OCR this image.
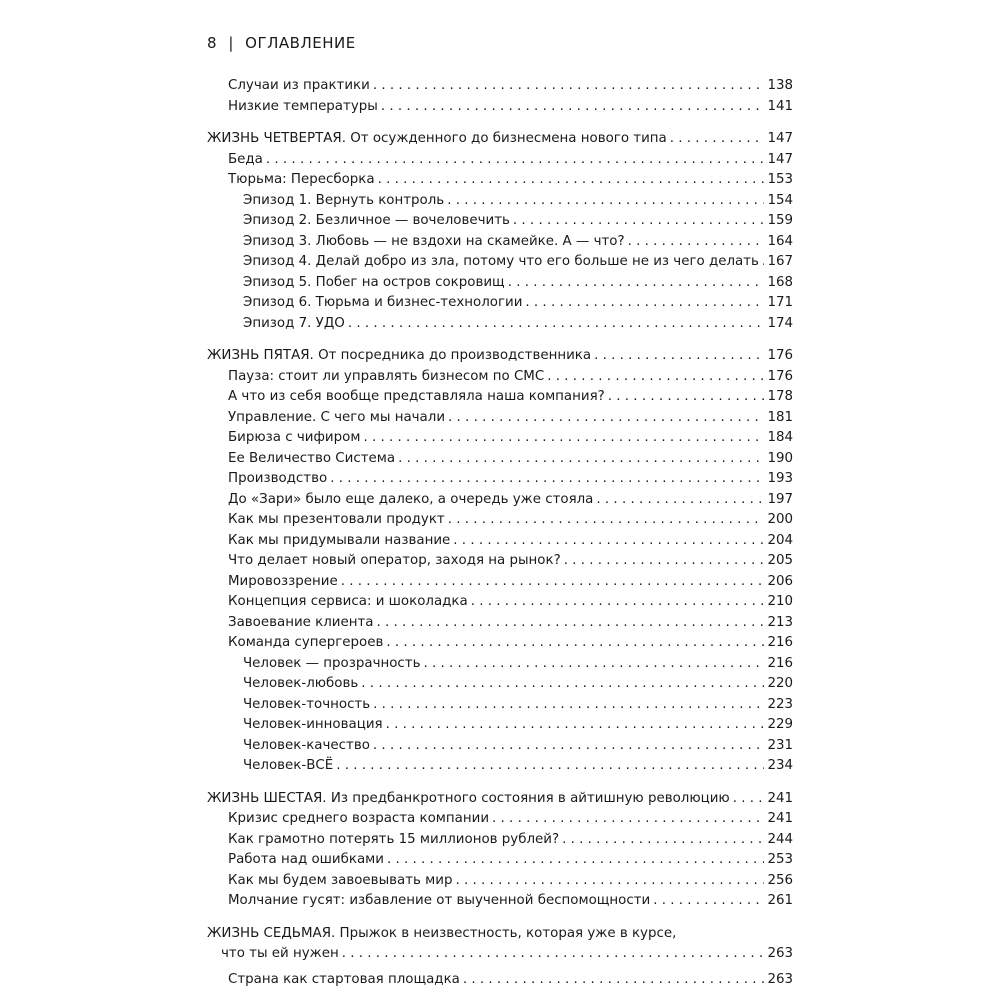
8 | ОГЛАВЛЕНИЕ
Случаи из практики . . .	138
Низкие температуры . . .	141
ЖИЗНЬ ЧЕТВЕРТАЯ. От осужденного до бизнесмена нового типа . . .	147
Беда . . .	147
Тюрьма: Пересборка . . .	153
Эпизод 1. Вернуть контроль . . .	154
Эпизод 2. Безличное — вочеловечить . . .	159
Эпизод 3. Любовь — не вздохи на скамейке. А — что? . . .	164
Эпизод 4. Делай добро из зла, потому что его больше не из чего делать . . . 167
Эпизод 5. Побег на остров сокровищ . . .	168
Эпизод 6. Тюрьма и бизнес-технологии . . .	171
Эпизод 7. УДО . . .	174
ЖИЗНЬ ПЯТАЯ. От посредника до производственника . . .	176
Пауза: стоит ли управлять бизнесом по СМС . . .	176
А что из себя вообще представляла наша компания? . . .	178
Управление. С чего мы начали . . .	181
Бирюза с чифиром . . .	184
Ее Величество Система . . .	190
Производство . . .	193
До «Зари» было еще далеко, а очередь уже стояла . . .	197
Как мы презентовали продукт . . .	200
Как мы придумывали название . . .	204
Что делает новый оператор, заходя на рынок? . . .	205
Мировоззрение . . .	206
Концепция сервиса: и шоколадка . . .	210
Завоевание клиента . . .	213
Команда супергероев . . .	216
Человек — прозрачность . . .	216
Человек-любовь . . .	220
Человек-точность . . .	223
Человек-инновация . . .	229
Человек-качество . . .	231
Человек-ВСЁ . . .	234
ЖИЗНЬ ШЕСТАЯ. Из предбанкротного состояния в айтишную революцию . . .	241
Кризис среднего возраста компании . . .	241
Как грамотно потерять 15 миллионов рублей? . . .	244
Работа над ошибками . . .	253
Как мы будем завоевывать мир . . .	256
Молчание гусят: избавление от выученной беспомощности . . .	261
ЖИЗНЬ СЕДЬМАЯ. Прыжок в неизвестность, которая уже в курсе,
что ты ей нужен . . .	263
Страна как стартовая площадка . . .	263
